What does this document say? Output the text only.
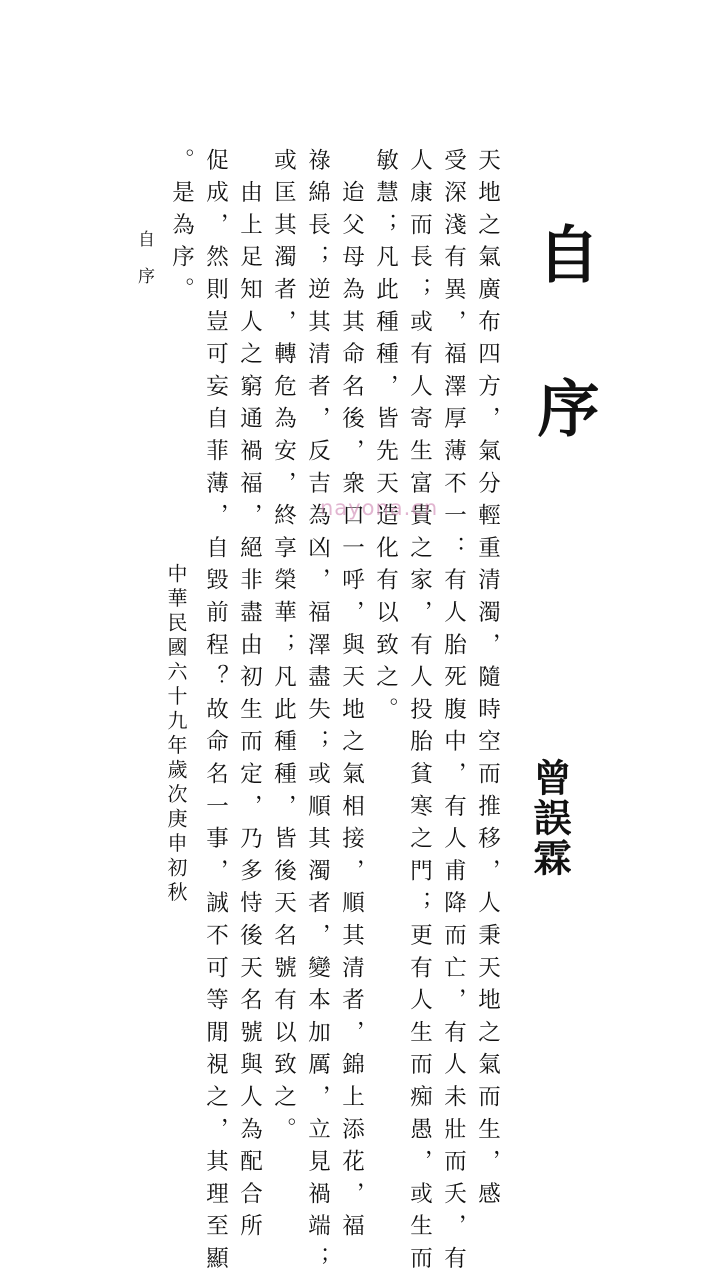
自序
曾誤霖
天地之氣廣布四方，氣分輕重清濁，隨時空而推移，人秉天地之氣而生，感
受深淺有異，福澤厚薄不一：有人胎死腹中，有人甫降而亡，有人未壯而夭，有
人康而長；或有人寄生富貴之家，有人投胎貧寒之門；更有人生而痴愚，或生而
敏慧；凡此種種，皆先天造化有以致之。
　迨父母為其命名後，衆口一呼，與天地之氣相接，順其清者，錦上添花，福
祿綿長；逆其清者，反吉為凶，福澤盡失；或順其濁者，變本加厲，立見禍端；
或匡其濁者，轉危為安，終享榮華；凡此種種，皆後天名號有以致之。
　由上足知人之窮通禍福，絕非盡由初生而定，乃多恃後天名號與人為配合所
促成，然則豈可妄自菲薄，自毀前程？故命名一事，誠不可等閒視之，其理至顯
。是為序。
中華民國六十九年歲次庚申初秋
自序
nayona.cn
